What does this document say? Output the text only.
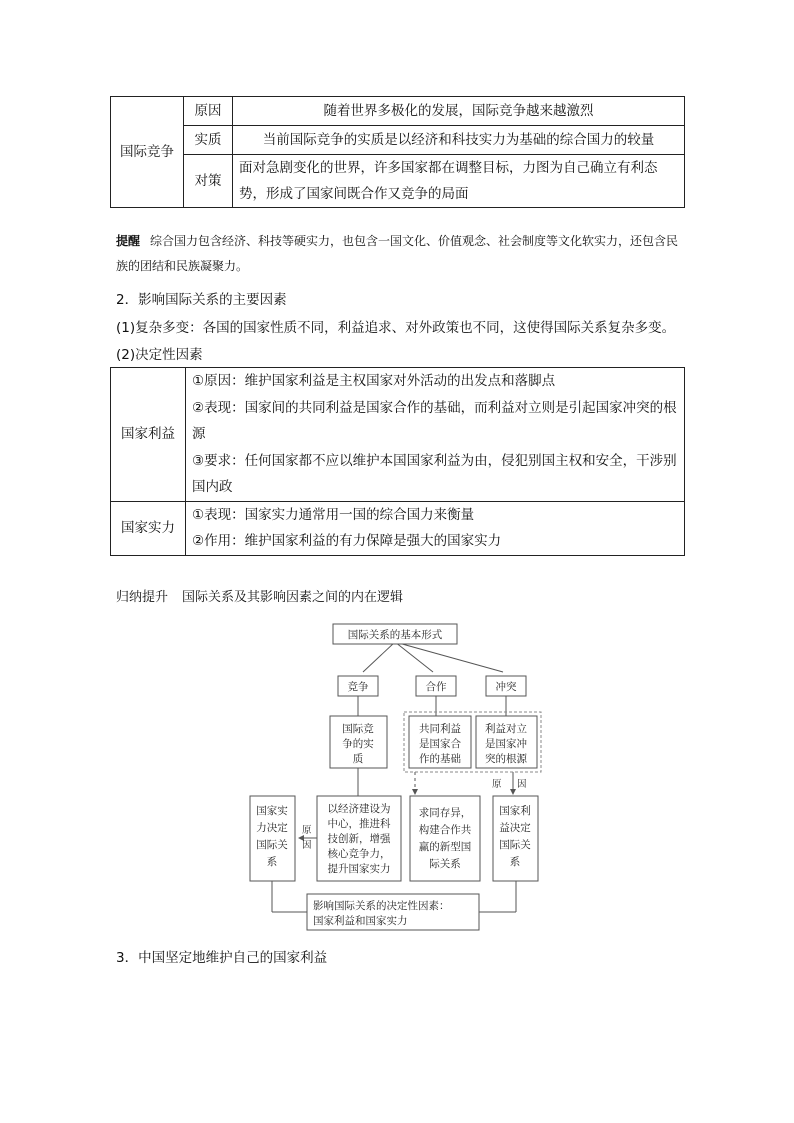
国际竞争	原因	随着世界多极化的发展，国际竞争越来越激烈
	实质	当前国际竞争的实质是以经济和科技实力为基础的综合国力的较量
	对策	面对急剧变化的世界，许多国家都在调整目标，力图为自己确立有利态势，形成了国家间既合作又竞争的局面
提醒 综合国力包含经济、科技等硬实力，也包含一国文化、价值观念、社会制度等文化软实力，还包含民族的团结和民族凝聚力。
2．影响国际关系的主要因素
(1)复杂多变：各国的国家性质不同，利益追求、对外政策也不同，这使得国际关系复杂多变。
(2)决定性因素
国家利益	①原因：维护国家利益是主权国家对外活动的出发点和落脚点
②表现：国家间的共同利益是国家合作的基础，而利益对立则是引起国家冲突的根源
③要求：任何国家都不应以维护本国国家利益为由，侵犯别国主权和安全，干涉别国内政

国家实力	①表现：国家实力通常用一国的综合国力来衡量
②作用：维护国家利益的有力保障是强大的国家实力
归纳提升 国际关系及其影响因素之间的内在逻辑
国际关系的基本形式
竞争	合作	冲突
国际竞
争的实
质
共同利益
是国家合
作的基础
利益对立
是国家冲
突的根源
原
因
原 因
国家实
力决定
国际关
系
以经济建设为
中心，推进科
技创新，增强
核心竞争力，
提升国家实力
求同存异，
构建合作共
赢的新型国
际关系
国家利
益决定
国际关
系
影响国际关系的决定性因素：
国家利益和国家实力
3．中国坚定地维护自己的国家利益
